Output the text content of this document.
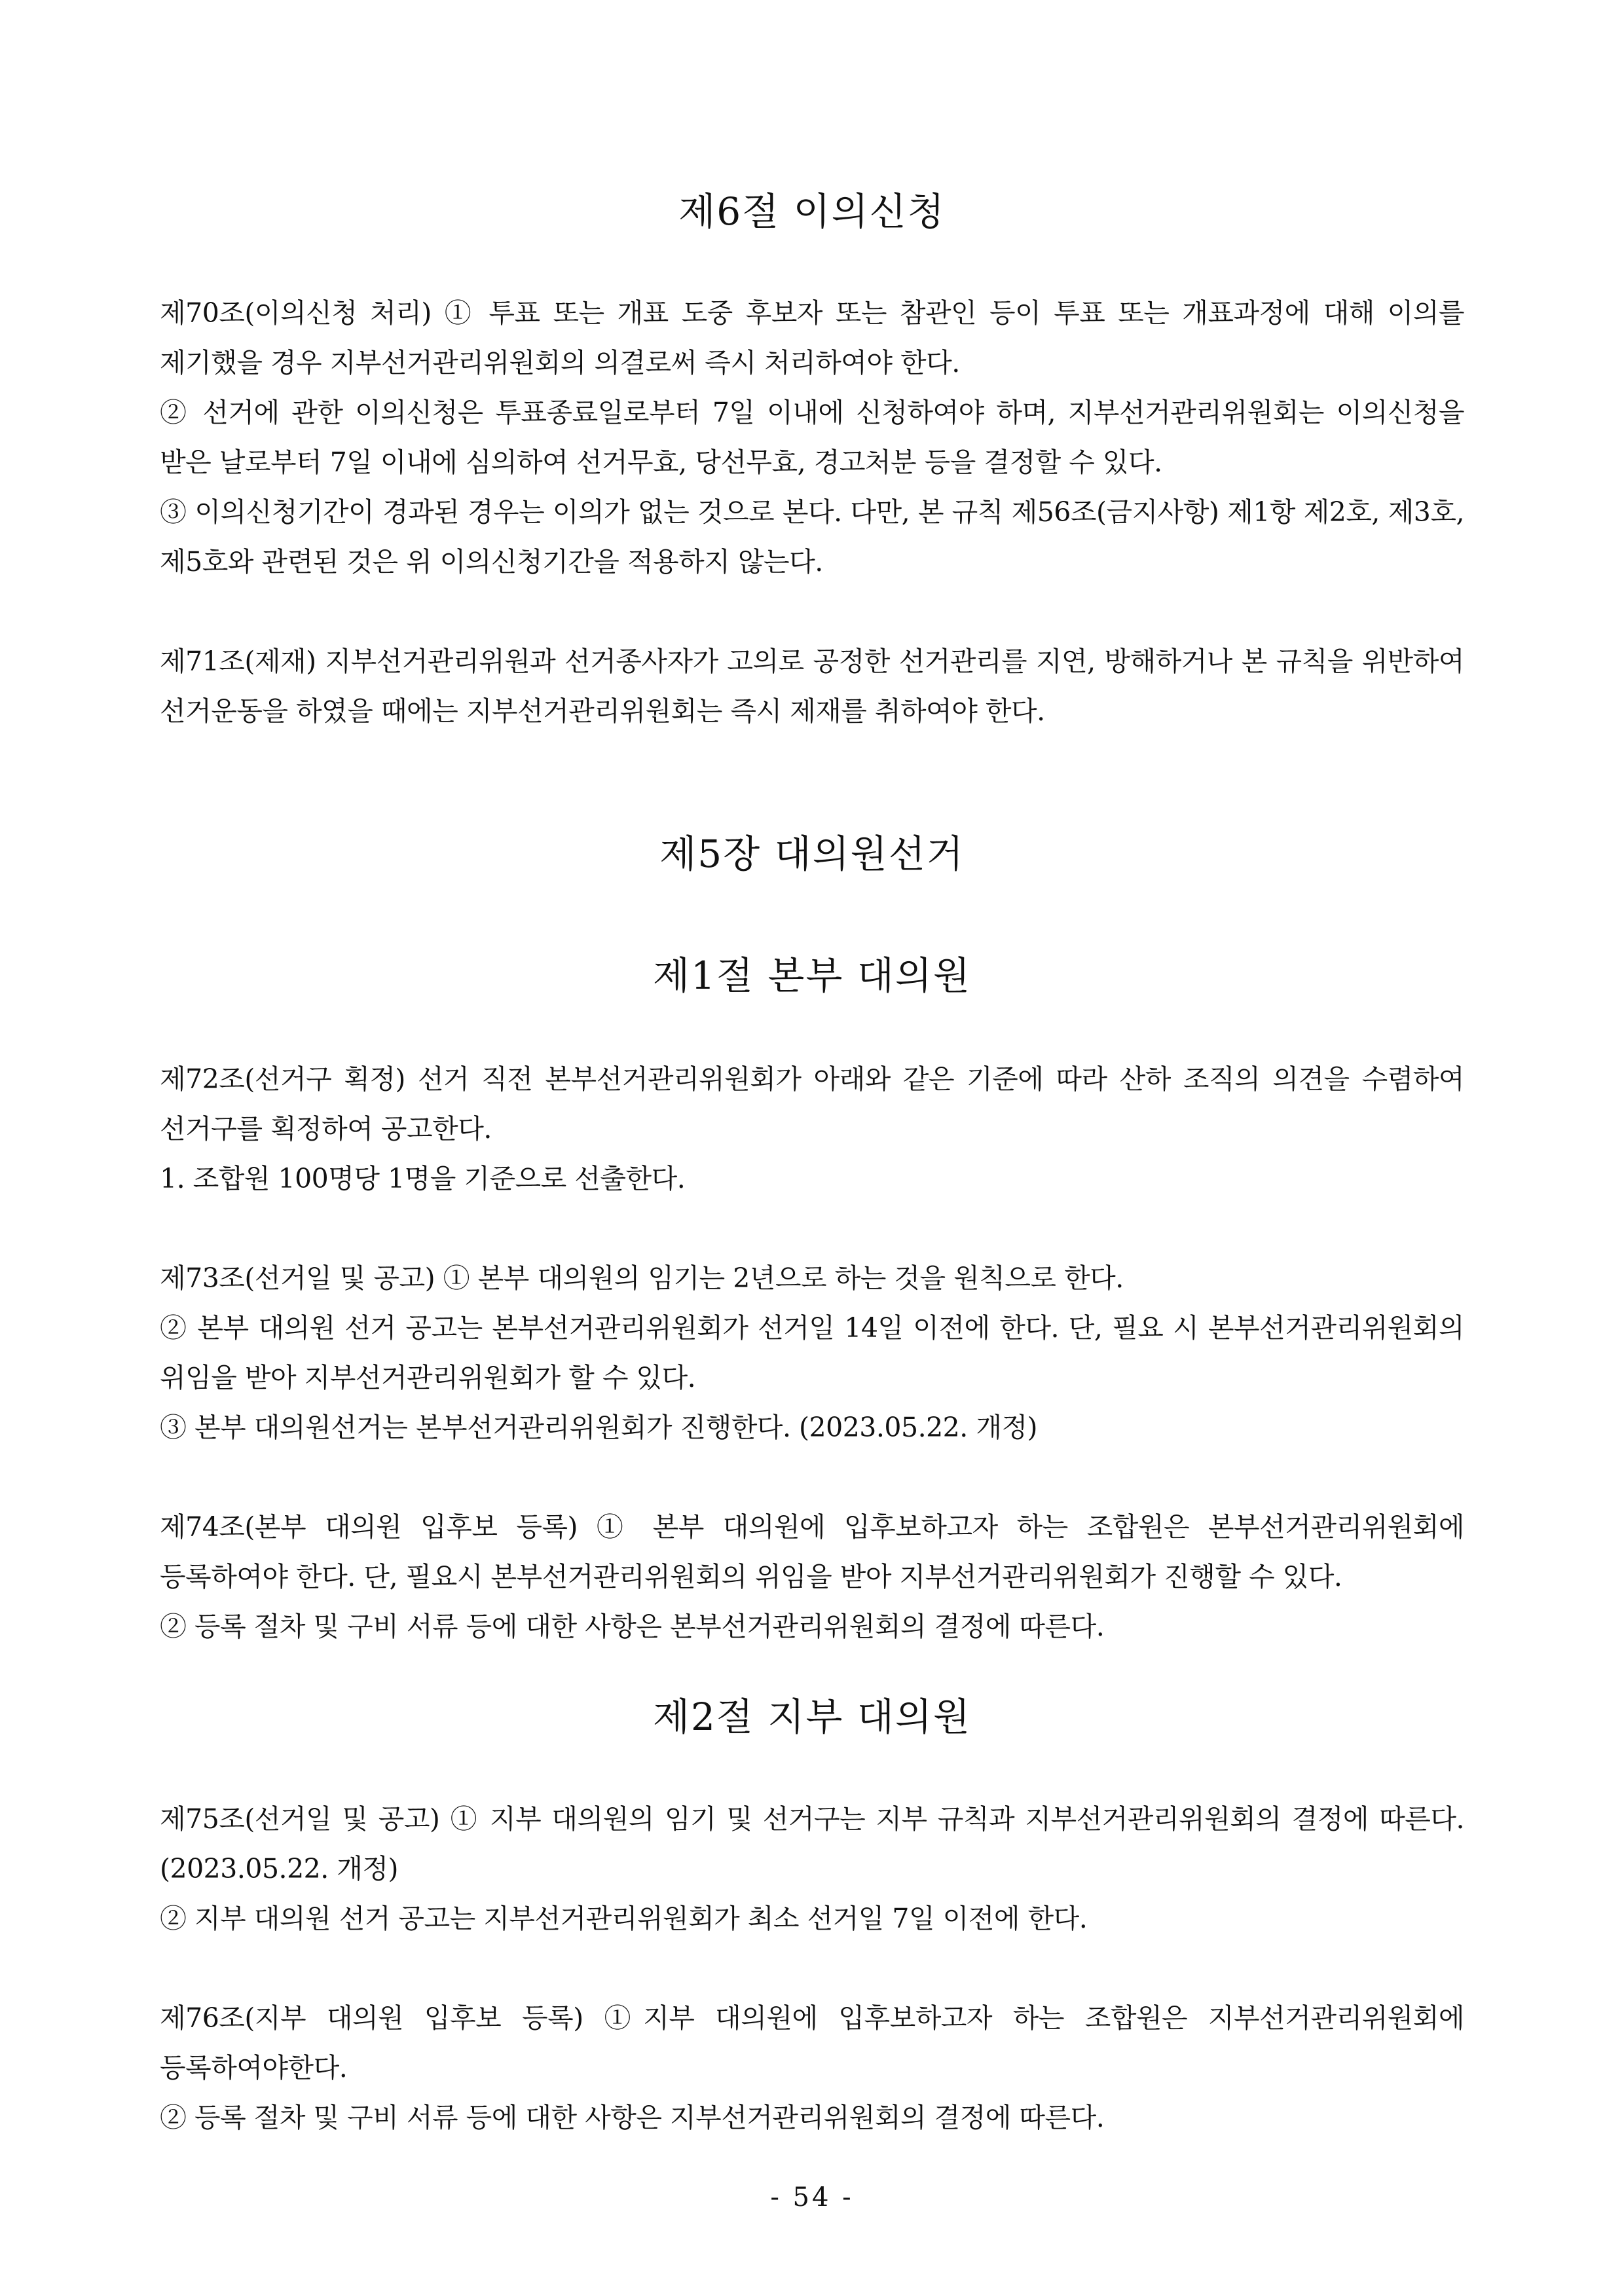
제6절 이의신청

제70조(이의신청 처리) ① 투표 또는 개표 도중 후보자 또는 참관인 등이 투표 또는 개표과정에 대해 이의를 제기했을 경우 지부선거관리위원회의 의결로써 즉시 처리하여야 한다.

② 선거에 관한 이의신청은 투표종료일로부터 7일 이내에 신청하여야 하며, 지부선거관리위원회는 이의신청을 받은 날로부터 7일 이내에 심의하여 선거무효, 당선무효, 경고처분 등을 결정할 수 있다.

③ 이의신청기간이 경과된 경우는 이의가 없는 것으로 본다. 다만, 본 규칙 제56조(금지사항) 제1항 제2호, 제3호, 제5호와 관련된 것은 위 이의신청기간을 적용하지 않는다.

제71조(제재) 지부선거관리위원과 선거종사자가 고의로 공정한 선거관리를 지연, 방해하거나 본 규칙을 위반하여 선거운동을 하였을 때에는 지부선거관리위원회는 즉시 제재를 취하여야 한다.

제5장 대의원선거
제1절 본부 대의원

제72조(선거구 획정) 선거 직전 본부선거관리위원회가 아래와 같은 기준에 따라 산하 조직의 의견을 수렴하여 선거구를 획정하여 공고한다.

1. 조합원 100명당 1명을 기준으로 선출한다.

제73조(선거일 및 공고) ① 본부 대의원의 임기는 2년으로 하는 것을 원칙으로 한다.

② 본부 대의원 선거 공고는 본부선거관리위원회가 선거일 14일 이전에 한다. 단, 필요 시 본부선거관리위원회의 위임을 받아 지부선거관리위원회가 할 수 있다.

③ 본부 대의원선거는 본부선거관리위원회가 진행한다. (2023.05.22. 개정)

제74조(본부 대의원 입후보 등록) ① 본부 대의원에 입후보하고자 하는 조합원은 본부선거관리위원회에 등록하여야 한다. 단, 필요시 본부선거관리위원회의 위임을 받아 지부선거관리위원회가 진행할 수 있다.

② 등록 절차 및 구비 서류 등에 대한 사항은 본부선거관리위원회의 결정에 따른다.

제2절 지부 대의원

제75조(선거일 및 공고) ① 지부 대의원의 임기 및 선거구는 지부 규칙과 지부선거관리위원회의 결정에 따른다. (2023.05.22. 개정)

② 지부 대의원 선거 공고는 지부선거관리위원회가 최소 선거일 7일 이전에 한다.

제76조(지부 대의원 입후보 등록) ①지부 대의원에 입후보하고자 하는 조합원은 지부선거관리위원회에 등록하여야한다.

② 등록 절차 및 구비 서류 등에 대한 사항은 지부선거관리위원회의 결정에 따른다.

- 54 -
